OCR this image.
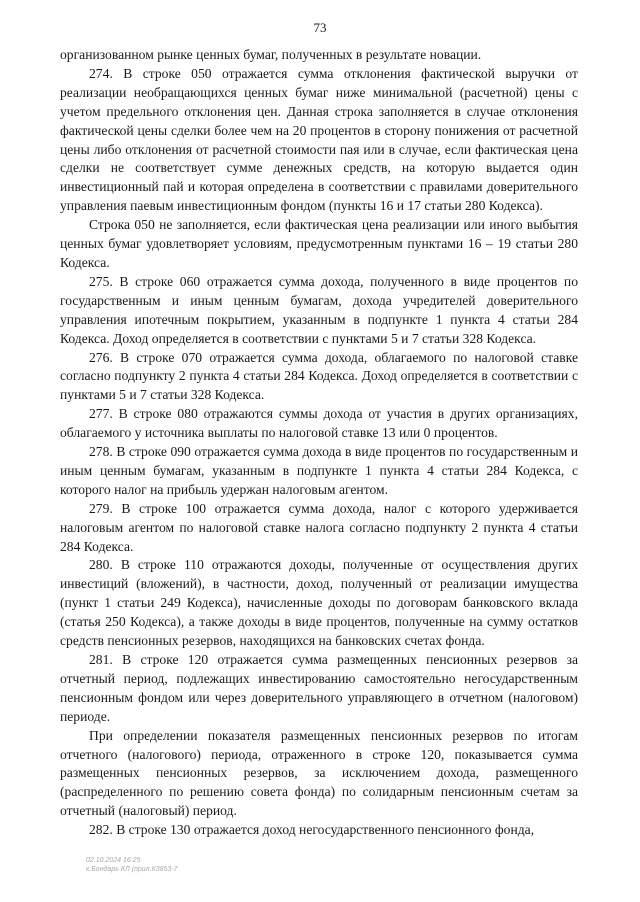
73

организованном рынке ценных бумаг, полученных в результате новации.

274. В строке 050 отражается сумма отклонения фактической выручки от реализации необращающихся ценных бумаг ниже минимальной (расчетной) цены с учетом предельного отклонения цен. Данная строка заполняется в случае отклонения фактической цены сделки более чем на 20 процентов в сторону понижения от расчетной цены либо отклонения от расчетной стоимости пая или в случае, если фактическая цена сделки не соответствует сумме денежных средств, на которую выдается один инвестиционный пай и которая определена в соответствии с правилами доверительного управления паевым инвестиционным фондом (пункты 16 и 17 статьи 280 Кодекса).

Строка 050 не заполняется, если фактическая цена реализации или иного выбытия ценных бумаг удовлетворяет условиям, предусмотренным пунктами 16 – 19 статьи 280 Кодекса.

275. В строке 060 отражается сумма дохода, полученного в виде процентов по государственным и иным ценным бумагам, дохода учредителей доверительного управления ипотечным покрытием, указанным в подпункте 1 пункта 4 статьи 284 Кодекса. Доход определяется в соответствии с пунктами 5 и 7 статьи 328 Кодекса.

276. В строке 070 отражается сумма дохода, облагаемого по налоговой ставке согласно подпункту 2 пункта 4 статьи 284 Кодекса. Доход определяется в соответствии с пунктами 5 и 7 статьи 328 Кодекса.

277. В строке 080 отражаются суммы дохода от участия в других организациях, облагаемого у источника выплаты по налоговой ставке 13 или 0 процентов.

278. В строке 090 отражается сумма дохода в виде процентов по государственным и иным ценным бумагам, указанным в подпункте 1 пункта 4 статьи 284 Кодекса, с которого налог на прибыль удержан налоговым агентом.

279. В строке 100 отражается сумма дохода, налог с которого удерживается налоговым агентом по налоговой ставке налога согласно подпункту 2 пункта 4 статьи 284 Кодекса.

280. В строке 110 отражаются доходы, полученные от осуществления других инвестиций (вложений), в частности, доход, полученный от реализации имущества (пункт 1 статьи 249 Кодекса), начисленные доходы по договорам банковского вклада (статья 250 Кодекса), а также доходы в виде процентов, полученные на сумму остатков средств пенсионных резервов, находящихся на банковских счетах фонда.

281. В строке 120 отражается сумма размещенных пенсионных резервов за отчетный период, подлежащих инвестированию самостоятельно негосударственным пенсионным фондом или через доверительного управляющего в отчетном (налоговом) периоде.

При определении показателя размещенных пенсионных резервов по итогам отчетного (налогового) периода, отраженного в строке 120, показывается сумма размещенных пенсионных резервов, за исключением дохода, размещенного (распределенного по решению совета фонда) по солидарным пенсионным счетам за отчетный (налоговый) период.

282. В строке 130 отражается доход негосударственного пенсионного фонда,

02.10.2024 16:25
к.Бондарь КЛ (прил.К3853-7
